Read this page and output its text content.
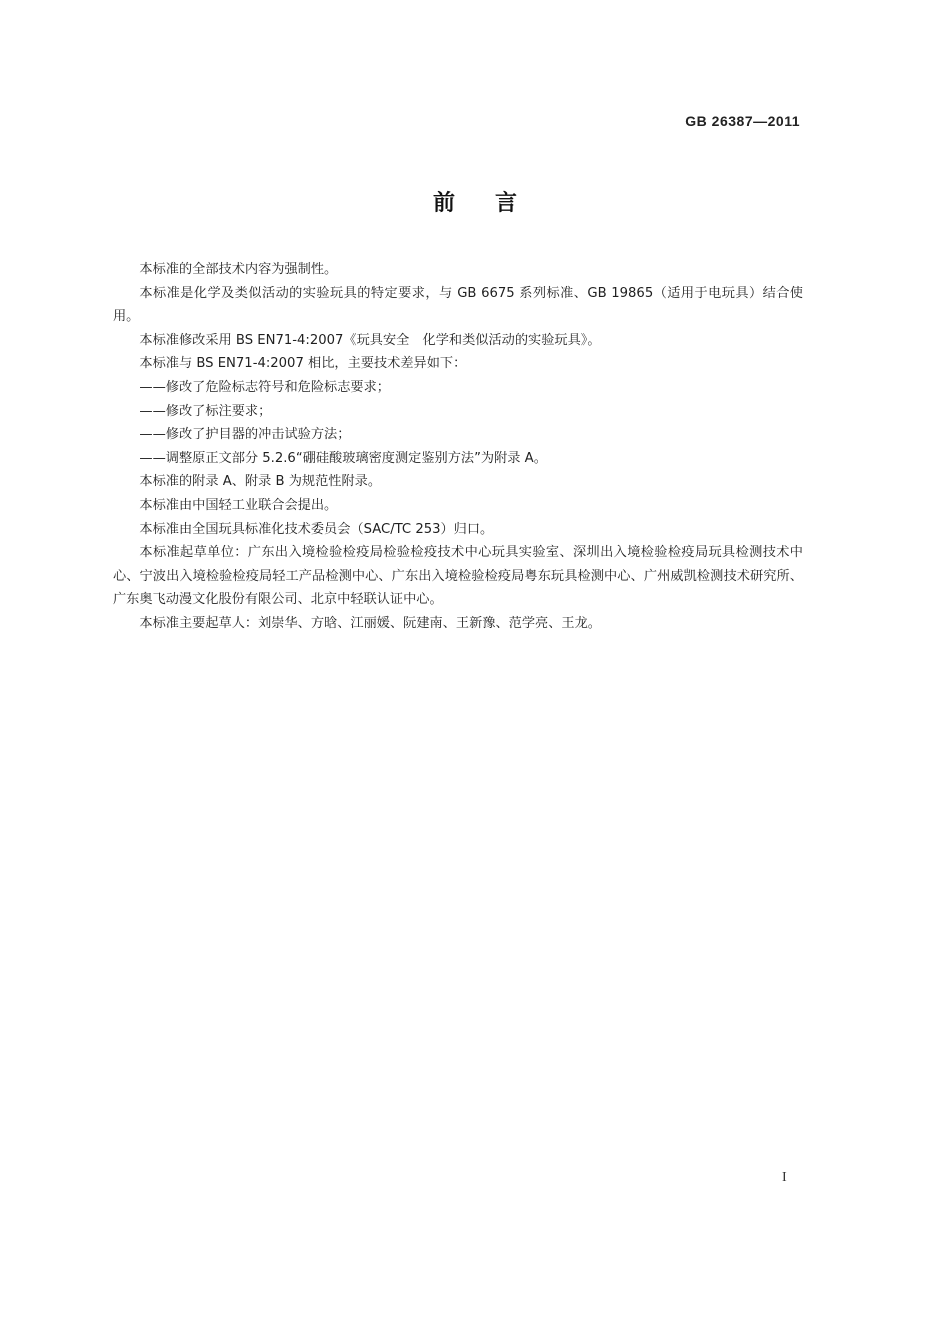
GB 26387—2011
前言

本标准的全部技术内容为强制性。

本标准是化学及类似活动的实验玩具的特定要求，与 GB 6675 系列标准、GB 19865（适用于电玩具）结合使用。

本标准修改采用 BS EN71-4:2007《玩具安全　化学和类似活动的实验玩具》。

本标准与 BS EN71-4:2007 相比，主要技术差异如下：

——修改了危险标志符号和危险标志要求；

——修改了标注要求；

——修改了护目器的冲击试验方法；

——调整原正文部分 5.2.6“硼硅酸玻璃密度测定鉴别方法”为附录 A。

本标准的附录 A、附录 B 为规范性附录。

本标准由中国轻工业联合会提出。

本标准由全国玩具标准化技术委员会（SAC/TC 253）归口。

本标准起草单位：广东出入境检验检疫局检验检疫技术中心玩具实验室、深圳出入境检验检疫局玩具检测技术中心、宁波出入境检验检疫局轻工产品检测中心、广东出入境检验检疫局粤东玩具检测中心、广州威凯检测技术研究所、广东奥飞动漫文化股份有限公司、北京中轻联认证中心。

本标准主要起草人：刘崇华、方晗、江丽媛、阮建南、王新豫、范学亮、王龙。

I
